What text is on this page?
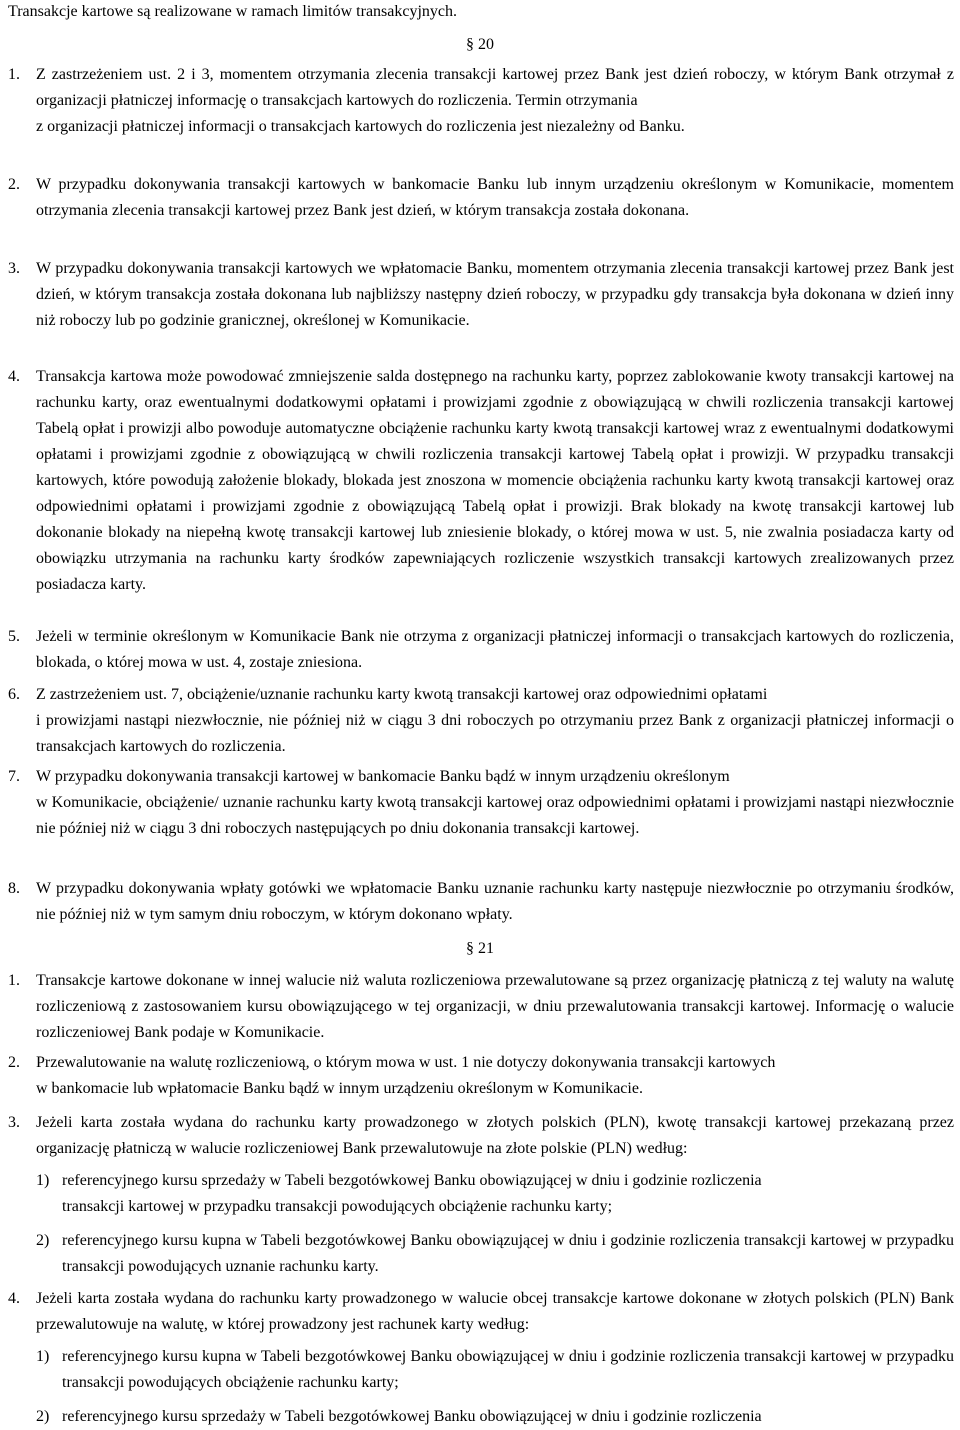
Transakcje kartowe są realizowane w ramach limitów transakcyjnych.
§ 20
1. Z zastrzeżeniem ust. 2 i 3, momentem otrzymania zlecenia transakcji kartowej przez Bank jest dzień roboczy, w którym Bank otrzymał z organizacji płatniczej informację o transakcjach kartowych do rozliczenia. Termin otrzymania
z organizacji płatniczej informacji o transakcjach kartowych do rozliczenia jest niezależny od Banku.
2. W przypadku dokonywania transakcji kartowych w bankomacie Banku lub innym urządzeniu określonym w Komunikacie, momentem otrzymania zlecenia transakcji kartowej przez Bank jest dzień, w którym transakcja została dokonana.
3. W przypadku dokonywania transakcji kartowych we wpłatomacie Banku, momentem otrzymania zlecenia transakcji kartowej przez Bank jest dzień, w którym transakcja została dokonana lub najbliższy następny dzień roboczy, w przypadku gdy transakcja była dokonana w dzień inny niż roboczy lub po godzinie granicznej, określonej w Komunikacie.
4. Transakcja kartowa może powodować zmniejszenie salda dostępnego na rachunku karty, poprzez zablokowanie kwoty transakcji kartowej na rachunku karty, oraz ewentualnymi dodatkowymi opłatami i prowizjami zgodnie z obowiązującą w chwili rozliczenia transakcji kartowej Tabelą opłat i prowizji albo powoduje automatyczne obciążenie rachunku karty kwotą transakcji kartowej wraz z ewentualnymi dodatkowymi opłatami i prowizjami zgodnie z obowiązującą w chwili rozliczenia transakcji kartowej Tabelą opłat i prowizji. W przypadku transakcji kartowych, które powodują założenie blokady, blokada jest znoszona w momencie obciążenia rachunku karty kwotą transakcji kartowej oraz odpowiednimi opłatami i prowizjami zgodnie z obowiązującą Tabelą opłat i prowizji. Brak blokady na kwotę transakcji kartowej lub dokonanie blokady na niepełną kwotę transakcji kartowej lub zniesienie blokady, o której mowa w ust. 5, nie zwalnia posiadacza karty od obowiązku utrzymania na rachunku karty środków zapewniających rozliczenie wszystkich transakcji kartowych zrealizowanych przez posiadacza karty.
5. Jeżeli w terminie określonym w Komunikacie Bank nie otrzyma z organizacji płatniczej informacji o transakcjach kartowych do rozliczenia, blokada, o której mowa w ust. 4, zostaje zniesiona.
6. Z zastrzeżeniem ust. 7, obciążenie/uznanie rachunku karty kwotą transakcji kartowej oraz odpowiednimi opłatami
i prowizjami nastąpi niezwłocznie, nie później niż w ciągu 3 dni roboczych po otrzymaniu przez Bank z organizacji płatniczej informacji o transakcjach kartowych do rozliczenia.
7. W przypadku dokonywania transakcji kartowej w bankomacie Banku bądź w innym urządzeniu określonym
w Komunikacie, obciążenie/ uznanie rachunku karty kwotą transakcji kartowej oraz odpowiednimi opłatami i prowizjami nastąpi niezwłocznie nie później niż w ciągu 3 dni roboczych następujących po dniu dokonania transakcji kartowej.
8. W przypadku dokonywania wpłaty gotówki we wpłatomacie Banku uznanie rachunku karty następuje niezwłocznie po otrzymaniu środków, nie później niż w tym samym dniu roboczym, w którym dokonano wpłaty.
§ 21
1. Transakcje kartowe dokonane w innej walucie niż waluta rozliczeniowa przewalutowane są przez organizację płatniczą z tej waluty na walutę rozliczeniową z zastosowaniem kursu obowiązującego w tej organizacji, w dniu przewalutowania transakcji kartowej. Informację o walucie rozliczeniowej Bank podaje w Komunikacie.
2. Przewalutowanie na walutę rozliczeniową, o którym mowa w ust. 1 nie dotyczy dokonywania transakcji kartowych
w bankomacie lub wpłatomacie Banku bądź w innym urządzeniu określonym w Komunikacie.
3. Jeżeli karta została wydana do rachunku karty prowadzonego w złotych polskich (PLN), kwotę transakcji kartowej przekazaną przez organizację płatniczą w walucie rozliczeniowej Bank przewalutowuje na złote polskie (PLN) według:
1) referencyjnego kursu sprzedaży w Tabeli bezgotówkowej Banku obowiązującej w dniu i godzinie rozliczenia
transakcji kartowej w przypadku transakcji powodujących obciążenie rachunku karty;
2) referencyjnego kursu kupna w Tabeli bezgotówkowej Banku obowiązującej w dniu i godzinie rozliczenia transakcji kartowej w przypadku transakcji powodujących uznanie rachunku karty.
4. Jeżeli karta została wydana do rachunku karty prowadzonego w walucie obcej transakcje kartowe dokonane w złotych polskich (PLN) Bank przewalutowuje na walutę, w której prowadzony jest rachunek karty według:
1) referencyjnego kursu kupna w Tabeli bezgotówkowej Banku obowiązującej w dniu i godzinie rozliczenia transakcji kartowej w przypadku transakcji powodujących obciążenie rachunku karty;
2) referencyjnego kursu sprzedaży w Tabeli bezgotówkowej Banku obowiązującej w dniu i godzinie rozliczenia
